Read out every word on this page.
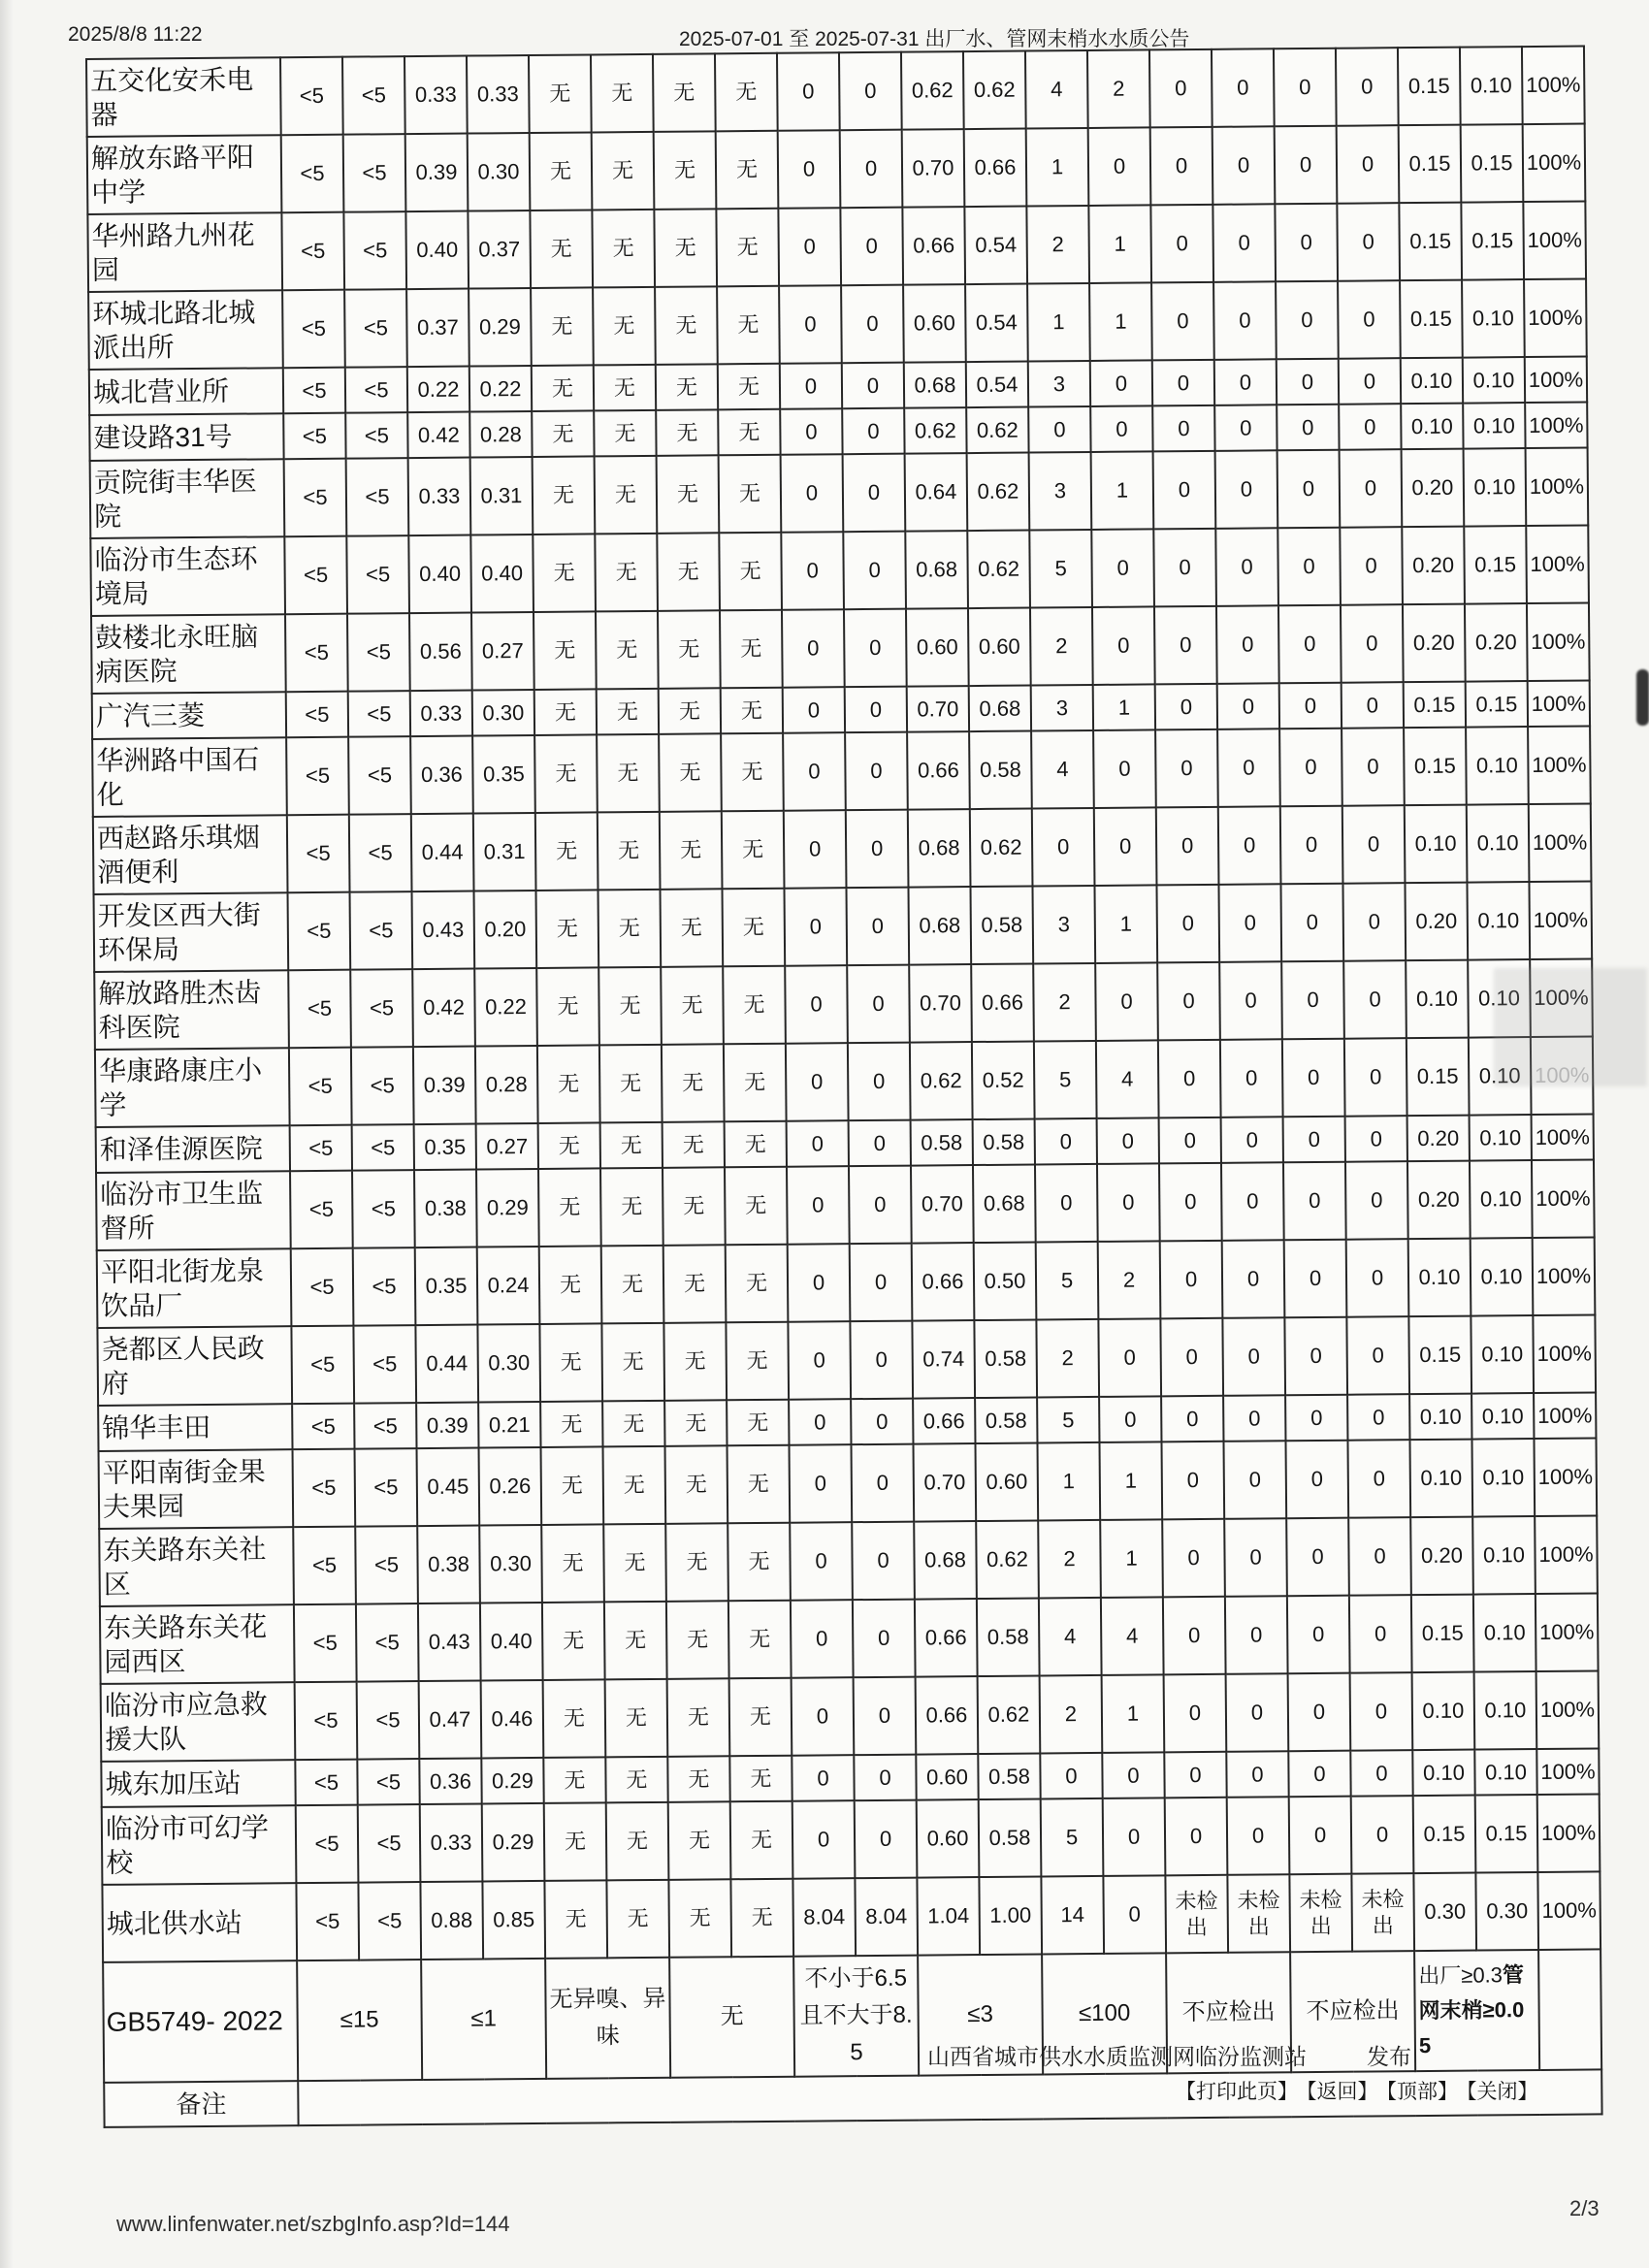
2025/8/8 11:22	2025-07-01 至 2025-07-31 出厂水、管网末梢水水质公告
五交化安禾电器	<5	<5	0.33	0.33	无	无	无	无	0	0	0.62	0.62	4	2	0	0	0	0	0.15	0.10	100%
解放东路平阳中学	<5	<5	0.39	0.30	无	无	无	无	0	0	0.70	0.66	1	0	0	0	0	0	0.15	0.15	100%
华州路九州花园	<5	<5	0.40	0.37	无	无	无	无	0	0	0.66	0.54	2	1	0	0	0	0	0.15	0.15	100%
环城北路北城派出所	<5	<5	0.37	0.29	无	无	无	无	0	0	0.60	0.54	1	1	0	0	0	0	0.15	0.10	100%
城北营业所	<5	<5	0.22	0.22	无	无	无	无	0	0	0.68	0.54	3	0	0	0	0	0	0.10	0.10	100%
建设路31号	<5	<5	0.42	0.28	无	无	无	无	0	0	0.62	0.62	0	0	0	0	0	0	0.10	0.10	100%
贡院街丰华医院	<5	<5	0.33	0.31	无	无	无	无	0	0	0.64	0.62	3	1	0	0	0	0	0.20	0.10	100%
临汾市生态环境局	<5	<5	0.40	0.40	无	无	无	无	0	0	0.68	0.62	5	0	0	0	0	0	0.20	0.15	100%
鼓楼北永旺脑病医院	<5	<5	0.56	0.27	无	无	无	无	0	0	0.60	0.60	2	0	0	0	0	0	0.20	0.20	100%
广汽三菱	<5	<5	0.33	0.30	无	无	无	无	0	0	0.70	0.68	3	1	0	0	0	0	0.15	0.15	100%
华洲路中国石化	<5	<5	0.36	0.35	无	无	无	无	0	0	0.66	0.58	4	0	0	0	0	0	0.15	0.10	100%
西赵路乐琪烟酒便利	<5	<5	0.44	0.31	无	无	无	无	0	0	0.68	0.62	0	0	0	0	0	0	0.10	0.10	100%
开发区西大街环保局	<5	<5	0.43	0.20	无	无	无	无	0	0	0.68	0.58	3	1	0	0	0	0	0.20	0.10	100%
解放路胜杰齿科医院	<5	<5	0.42	0.22	无	无	无	无	0	0	0.70	0.66	2	0	0	0	0	0	0.10	0.10	100%
华康路康庄小学	<5	<5	0.39	0.28	无	无	无	无	0	0	0.62	0.52	5	4	0	0	0	0	0.15	0.10	100%
和泽佳源医院	<5	<5	0.35	0.27	无	无	无	无	0	0	0.58	0.58	0	0	0	0	0	0	0.20	0.10	100%
临汾市卫生监督所	<5	<5	0.38	0.29	无	无	无	无	0	0	0.70	0.68	0	0	0	0	0	0	0.20	0.10	100%
平阳北街龙泉饮品厂	<5	<5	0.35	0.24	无	无	无	无	0	0	0.66	0.50	5	2	0	0	0	0	0.10	0.10	100%
尧都区人民政府	<5	<5	0.44	0.30	无	无	无	无	0	0	0.74	0.58	2	0	0	0	0	0	0.15	0.10	100%
锦华丰田	<5	<5	0.39	0.21	无	无	无	无	0	0	0.66	0.58	5	0	0	0	0	0	0.10	0.10	100%
平阳南街金果夫果园	<5	<5	0.45	0.26	无	无	无	无	0	0	0.70	0.60	1	1	0	0	0	0	0.10	0.10	100%
东关路东关社区	<5	<5	0.38	0.30	无	无	无	无	0	0	0.68	0.62	2	1	0	0	0	0	0.20	0.10	100%
东关路东关花园西区	<5	<5	0.43	0.40	无	无	无	无	0	0	0.66	0.58	4	4	0	0	0	0	0.15	0.10	100%
临汾市应急救援大队	<5	<5	0.47	0.46	无	无	无	无	0	0	0.66	0.62	2	1	0	0	0	0	0.10	0.10	100%
城东加压站	<5	<5	0.36	0.29	无	无	无	无	0	0	0.60	0.58	0	0	0	0	0	0	0.10	0.10	100%
临汾市可幻学校	<5	<5	0.33	0.29	无	无	无	无	0	0	0.60	0.58	5	0	0	0	0	0	0.15	0.15	100%
城北供水站	<5	<5	0.88	0.85	无	无	无	无	8.04	8.04	1.04	1.00	14	0	未检出	未检出	未检出	未检出	0.30	0.30	100%
GB5749- 2022	≤15		≤1		无异嗅、异味		无		不小于6.5且不大于8.5		≤3		≤100		不应检出		不应检出		出厂≥0.3管网末梢≥0.05		
备注																					
山西省城市供水水质监测网临汾监测站	发布
【打印此页】 【返回】 【顶部】 【关闭】
www.linfenwater.net/szbgInfo.asp?Id=144
2/3
